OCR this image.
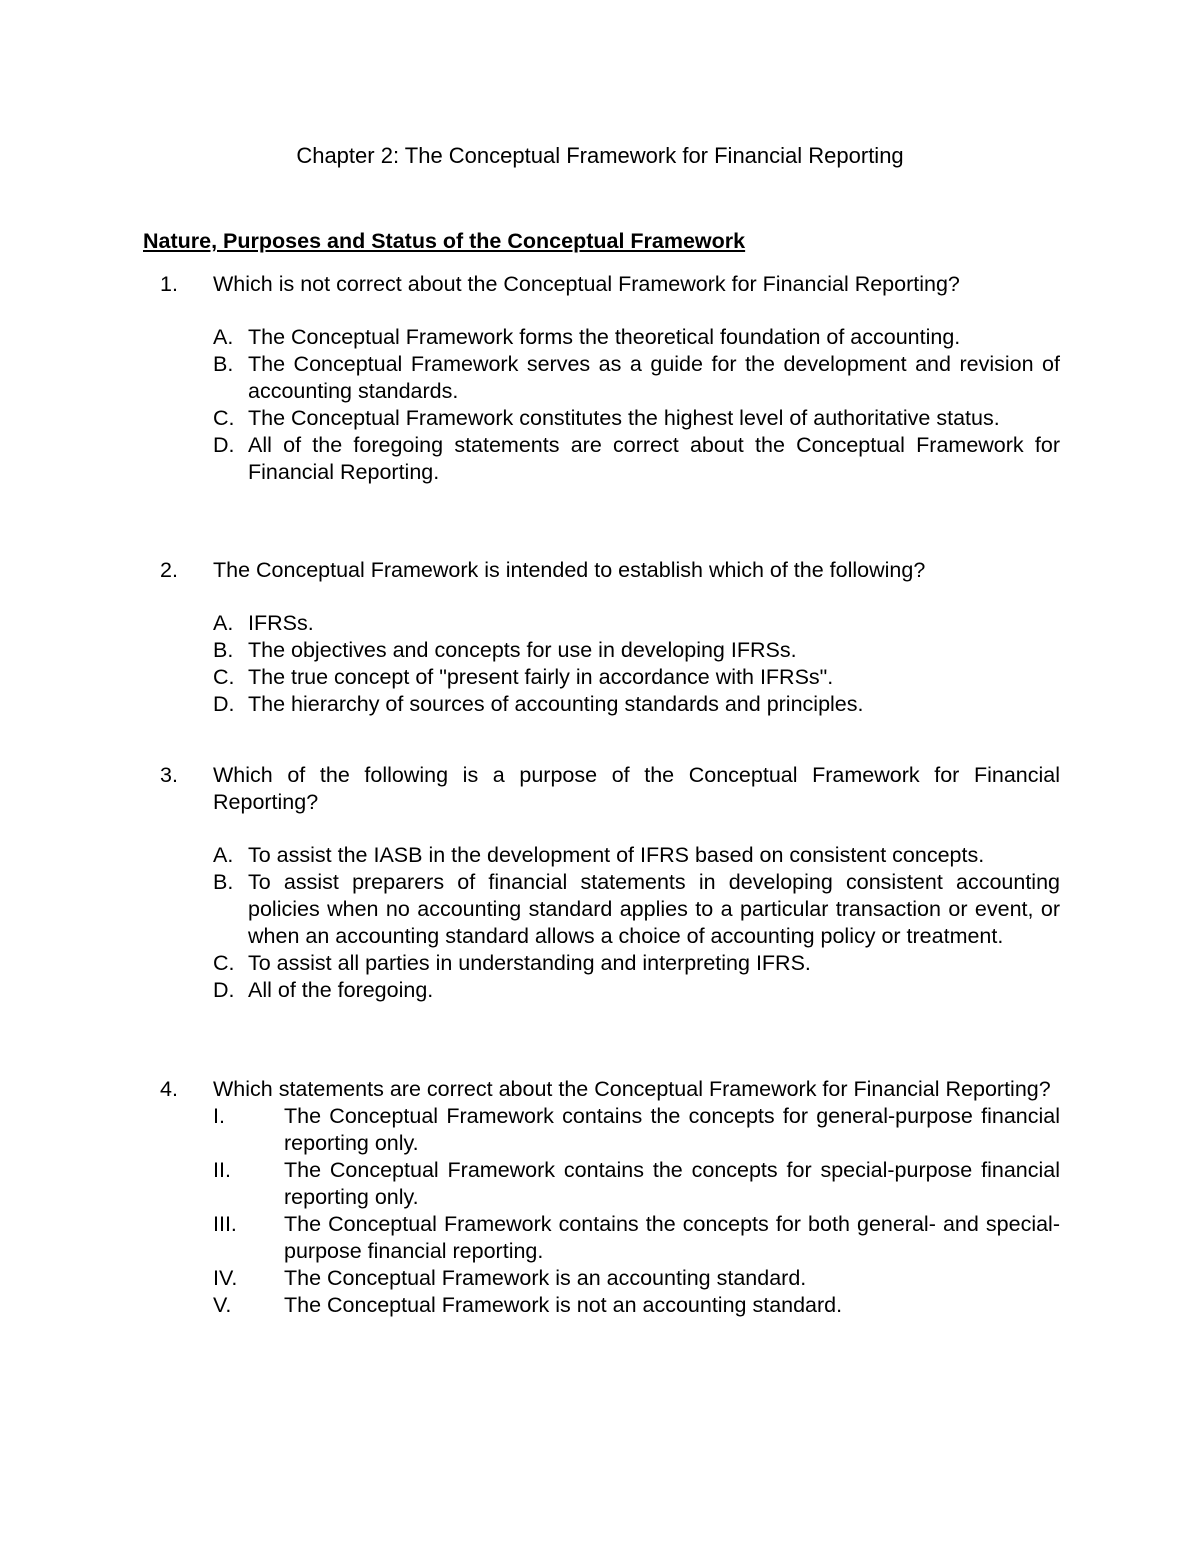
Chapter 2: The Conceptual Framework for Financial Reporting
Nature, Purposes and Status of the Conceptual Framework
1. Which is not correct about the Conceptual Framework for Financial Reporting?
A. The Conceptual Framework forms the theoretical foundation of accounting.
B. The Conceptual Framework serves as a guide for the development and revision of accounting standards.
C. The Conceptual Framework constitutes the highest level of authoritative status.
D. All of the foregoing statements are correct about the Conceptual Framework for Financial Reporting.
2. The Conceptual Framework is intended to establish which of the following?
A. IFRSs.
B. The objectives and concepts for use in developing IFRSs.
C. The true concept of "present fairly in accordance with IFRSs".
D. The hierarchy of sources of accounting standards and principles.
3. Which of the following is a purpose of the Conceptual Framework for Financial Reporting?
A. To assist the IASB in the development of IFRS based on consistent concepts.
B. To assist preparers of financial statements in developing consistent accounting policies when no accounting standard applies to a particular transaction or event, or when an accounting standard allows a choice of accounting policy or treatment.
C. To assist all parties in understanding and interpreting IFRS.
D. All of the foregoing.
4. Which statements are correct about the Conceptual Framework for Financial Reporting?
I.	The Conceptual Framework contains the concepts for general-purpose financial reporting only.
II. The Conceptual Framework contains the concepts for special-purpose financial reporting only.
III. The Conceptual Framework contains the concepts for both general- and special-purpose financial reporting.
IV. The Conceptual Framework is an accounting standard.
V. The Conceptual Framework is not an accounting standard.
